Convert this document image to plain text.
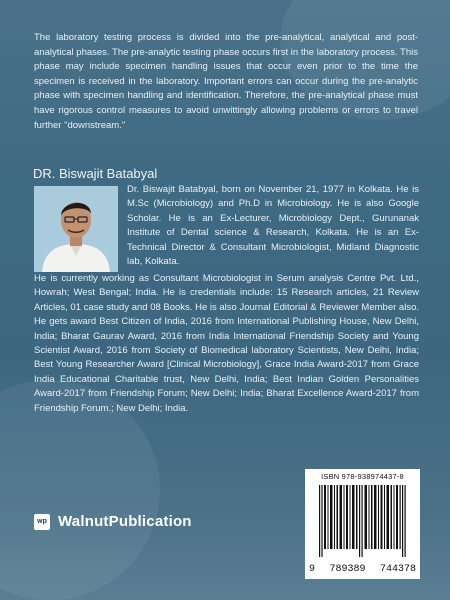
The laboratory testing process is divided into the pre-analytical, analytical and post-analytical phases. The pre-analytic testing phase occurs first in the laboratory process. This phase may include specimen handling issues that occur even prior to the time the specimen is received in the laboratory. Important errors can occur during the pre-analytic phase with specimen handling and identification. Therefore, the pre-analytical phase must have rigorous control measures to avoid unwittingly allowing problems or errors to travel further "downstream."

DR. Biswajit Batabyal

Dr. Biswajit Batabyal, born on November 21, 1977 in Kolkata. He is M.Sc (Microbiology) and Ph.D in Microbiology. He is also Google Scholar. He is an Ex-Lecturer, Microbiology Dept., Gurunanak Institute of Dental science & Research, Kolkata. He is an Ex-Technical Director & Consultant Microbiologist, Midland Diagnostic lab, Kolkata.

He is currently working as Consultant Microbiologist in Serum analysis Centre Pvt. Ltd., Howrah; West Bengal; India. He is credentials include: 15 Research articles, 21 Review Articles, 01 case study and 08 Books. He is also Journal Editorial & Reviewer Member also. He gets award Best Citizen of India, 2016 from International Publishing House, New Delhi, India; Bharat Gaurav Award, 2016 from India International Friendship Society and Young Scientist Award, 2016 from Society of Biomedical laboratory Scientists, New Delhi, India; Best Young Researcher Award [Clinical Microbiology], Grace India Award-2017 from Grace India Educational Charitable trust, New Delhi, India; Best Indian Golden Personalities Award-2017 from Friendship Forum; New Delhi; India; Bharat Excellence Award-2017 from Friendship Forum.; New Delhi; India.

ISBN 978-938974437-8
9 789389 744378
wp WalnutPublication
